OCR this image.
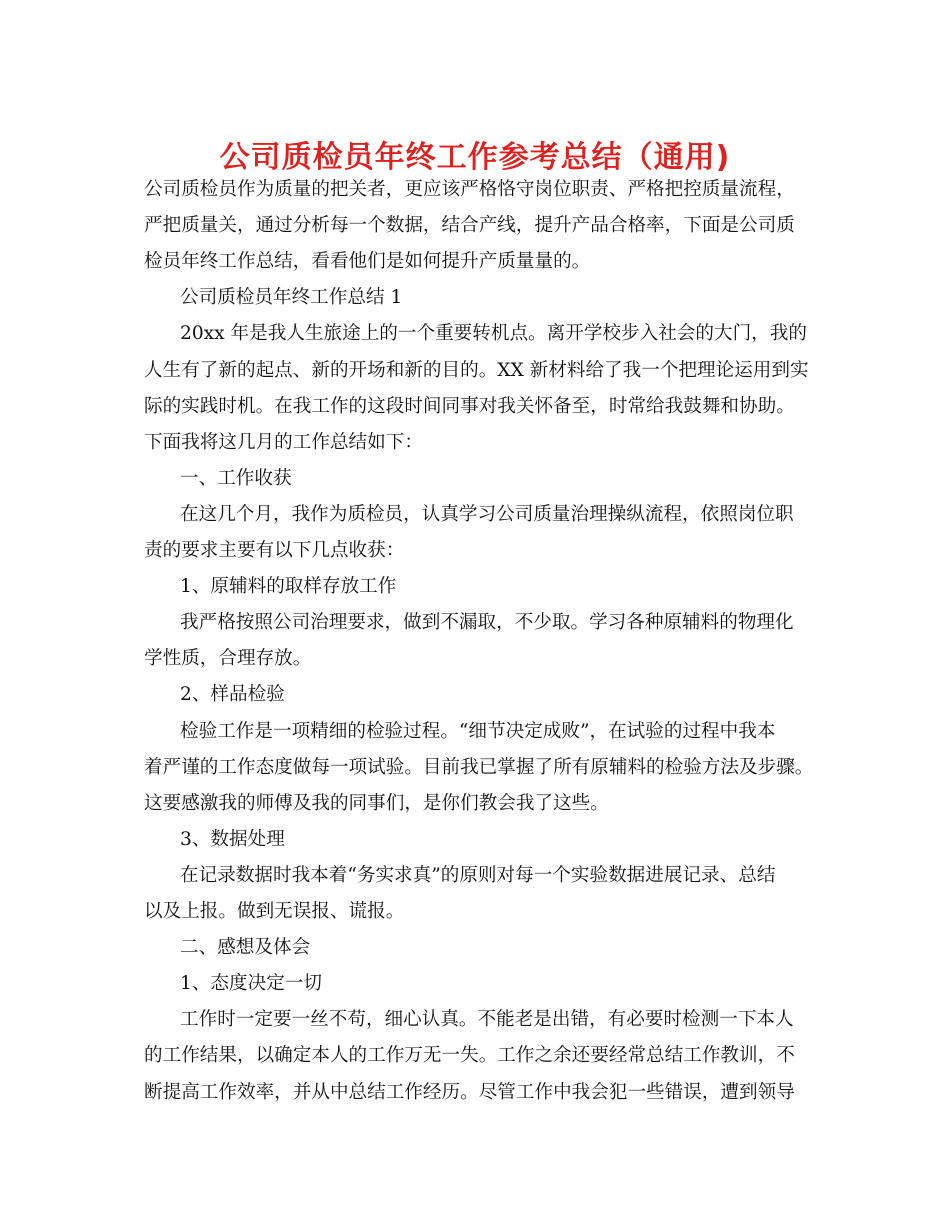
公司质检员年终工作参考总结（通用)
公司质检员作为质量的把关者，更应该严格恪守岗位职责、严格把控质量流程，
严把质量关，通过分析每一个数据，结合产线，提升产品合格率，下面是公司质
检员年终工作总结，看看他们是如何提升产质量量的。
公司质检员年终工作总结 1
20xx 年是我人生旅途上的一个重要转机点。离开学校步入社会的大门，我的
人生有了新的起点、新的开场和新的目的。XX 新材料给了我一个把理论运用到实
际的实践时机。在我工作的这段时间同事对我关怀备至，时常给我鼓舞和协助。
下面我将这几月的工作总结如下：
一、工作收获
在这几个月，我作为质检员，认真学习公司质量治理操纵流程，依照岗位职
责的要求主要有以下几点收获：
1、原辅料的取样存放工作
我严格按照公司治理要求，做到不漏取，不少取。学习各种原辅料的物理化
学性质，合理存放。
2、样品检验
检验工作是一项精细的检验过程。“细节决定成败”，在试验的过程中我本
着严谨的工作态度做每一项试验。目前我已掌握了所有原辅料的检验方法及步骤。
这要感激我的师傅及我的同事们，是你们教会我了这些。
3、数据处理
在记录数据时我本着“务实求真”的原则对每一个实验数据进展记录、总结
以及上报。做到无误报、谎报。
二、感想及体会
1、态度决定一切
工作时一定要一丝不苟，细心认真。不能老是出错，有必要时检测一下本人
的工作结果，以确定本人的工作万无一失。工作之余还要经常总结工作教训，不
断提高工作效率，并从中总结工作经历。尽管工作中我会犯一些错误，遭到领导
